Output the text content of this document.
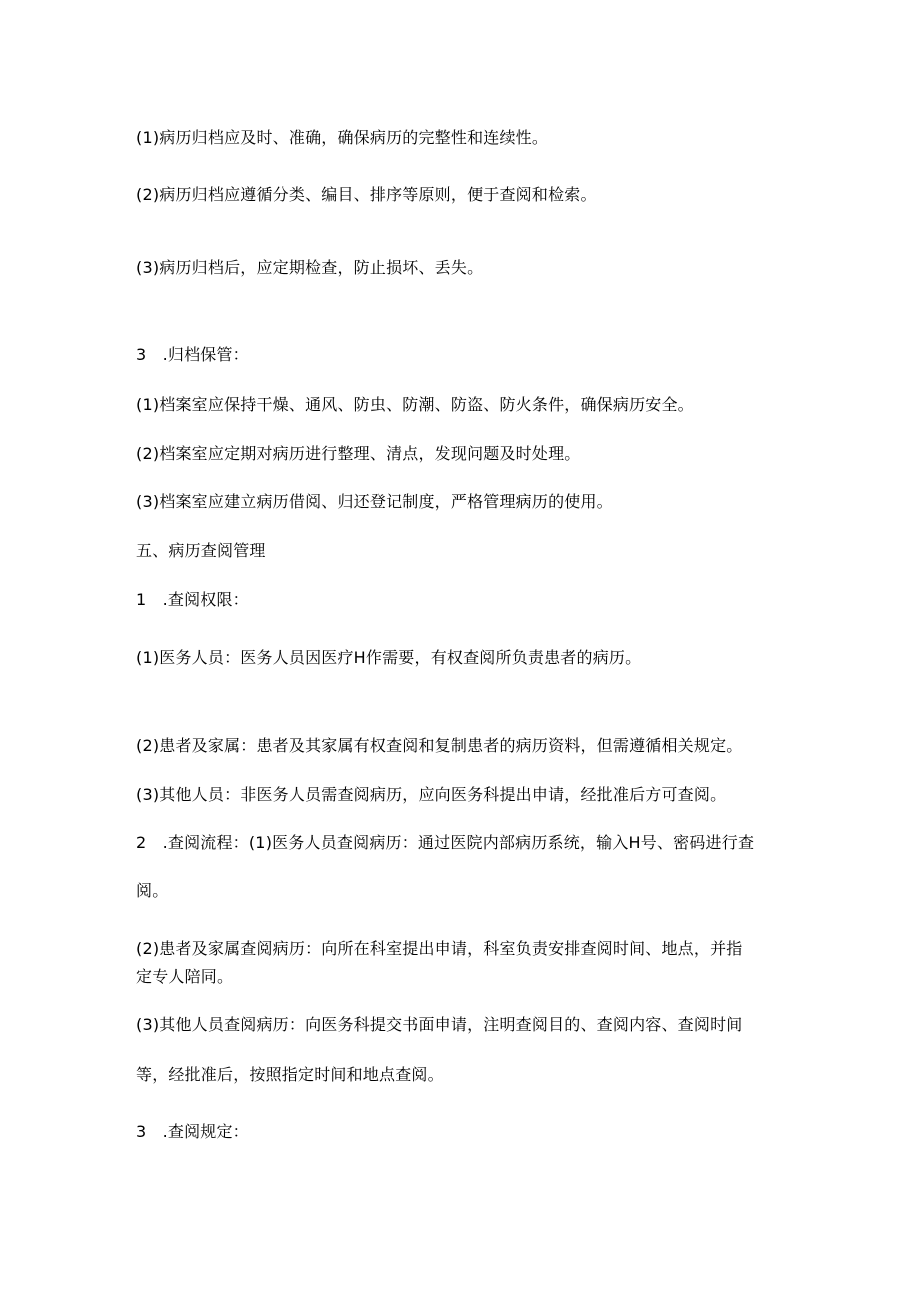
(1)病历归档应及时、准确，确保病历的完整性和连续性。
(2)病历归档应遵循分类、编目、排序等原则，便于查阅和检索。
(3)病历归档后，应定期检查，防止损坏、丢失。
3　.归档保管：
(1)档案室应保持干燥、通风、防虫、防潮、防盗、防火条件，确保病历安全。
(2)档案室应定期对病历进行整理、清点，发现问题及时处理。
(3)档案室应建立病历借阅、归还登记制度，严格管理病历的使用。
五、病历查阅管理
1　.查阅权限：
(1)医务人员：医务人员因医疗H作需要，有权查阅所负责患者的病历。
(2)患者及家属：患者及其家属有权查阅和复制患者的病历资料，但需遵循相关规定。
(3)其他人员：非医务人员需查阅病历，应向医务科提出申请，经批准后方可查阅。
2　.查阅流程：(1)医务人员查阅病历：通过医院内部病历系统，输入H号、密码进行查
阅。
(2)患者及家属查阅病历：向所在科室提出申请，科室负责安排查阅时间、地点，并指
定专人陪同。
(3)其他人员查阅病历：向医务科提交书面申请，注明查阅目的、查阅内容、查阅时间
等，经批准后，按照指定时间和地点查阅。
3　.查阅规定：
